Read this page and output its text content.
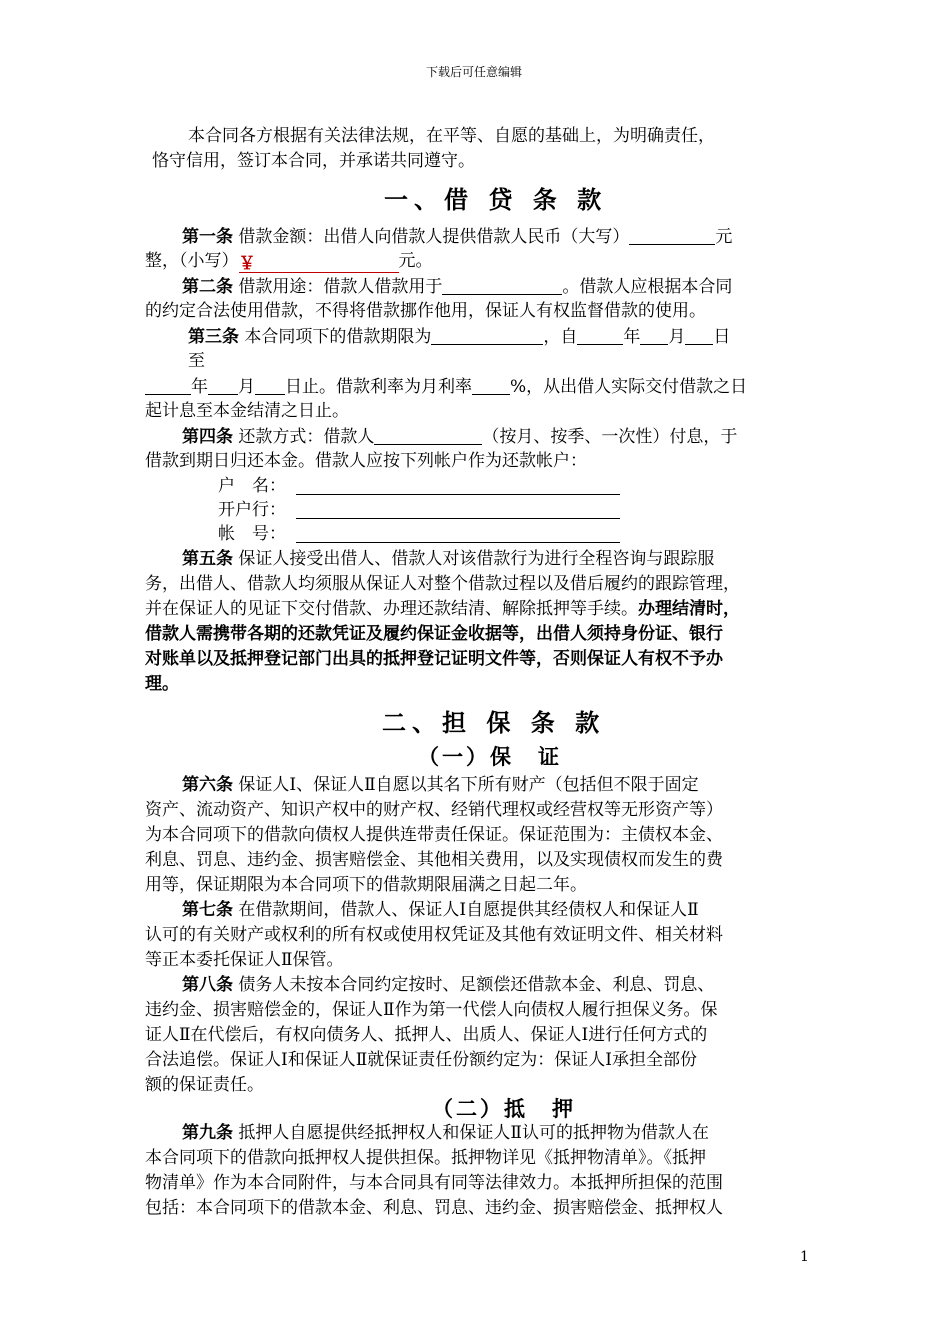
下载后可任意编辑
本合同各方根据有关法律法规，在平等、自愿的基础上，为明确责任，
恪守信用，签订本合同，并承诺共同遵守。
一、借 贷 条 款
第一条 借款金额：出借人向借款人提供借款人民币（大写）	元
整，（小写）￥	元。
第二条 借款用途：借款人借款用于	。借款人应根据本合同
的约定合法使用借款，不得将借款挪作他用，保证人有权监督借款的使用。
第三条 本合同项下的借款期限为	，自	年 月 日
至
年 月 日止。借款利率为月利率 %，从出借人实际交付借款之日
起计息至本金结清之日止。
第四条 还款方式：借款人	（按月、按季、一次性）付息，于
借款到期日归还本金。借款人应按下列帐户作为还款帐户：
户　名：
开户行：
帐　号：
第五条 保证人接受出借人、借款人对该借款行为进行全程咨询与跟踪服
务，出借人、借款人均须服从保证人对整个借款过程以及借后履约的跟踪管理，
并在保证人的见证下交付借款、办理还款结清、解除抵押等手续。办理结清时，
借款人需携带各期的还款凭证及履约保证金收据等，出借人须持身份证、银行
对账单以及抵押登记部门出具的抵押登记证明文件等，否则保证人有权不予办
理。
二、担 保 条 款
（一）保　证
第六条 保证人Ⅰ、保证人Ⅱ自愿以其名下所有财产（包括但不限于固定
资产、流动资产、知识产权中的财产权、经销代理权或经营权等无形资产等）
为本合同项下的借款向债权人提供连带责任保证。保证范围为：主债权本金、
利息、罚息、违约金、损害赔偿金、其他相关费用，以及实现债权而发生的费
用等，保证期限为本合同项下的借款期限届满之日起二年。
第七条 在借款期间，借款人、保证人Ⅰ自愿提供其经债权人和保证人Ⅱ
认可的有关财产或权利的所有权或使用权凭证及其他有效证明文件、相关材料
等正本委托保证人Ⅱ保管。
第八条 债务人未按本合同约定按时、足额偿还借款本金、利息、罚息、
违约金、损害赔偿金的，保证人Ⅱ作为第一代偿人向债权人履行担保义务。保
证人Ⅱ在代偿后，有权向债务人、抵押人、出质人、保证人Ⅰ进行任何方式的
合法追偿。保证人Ⅰ和保证人Ⅱ就保证责任份额约定为：保证人Ⅰ承担全部份
额的保证责任。
（二）抵　押
第九条 抵押人自愿提供经抵押权人和保证人Ⅱ认可的抵押物为借款人在
本合同项下的借款向抵押权人提供担保。抵押物详见《抵押物清单》。《抵押
物清单》作为本合同附件，与本合同具有同等法律效力。本抵押所担保的范围
包括：本合同项下的借款本金、利息、罚息、违约金、损害赔偿金、抵押权人
1
